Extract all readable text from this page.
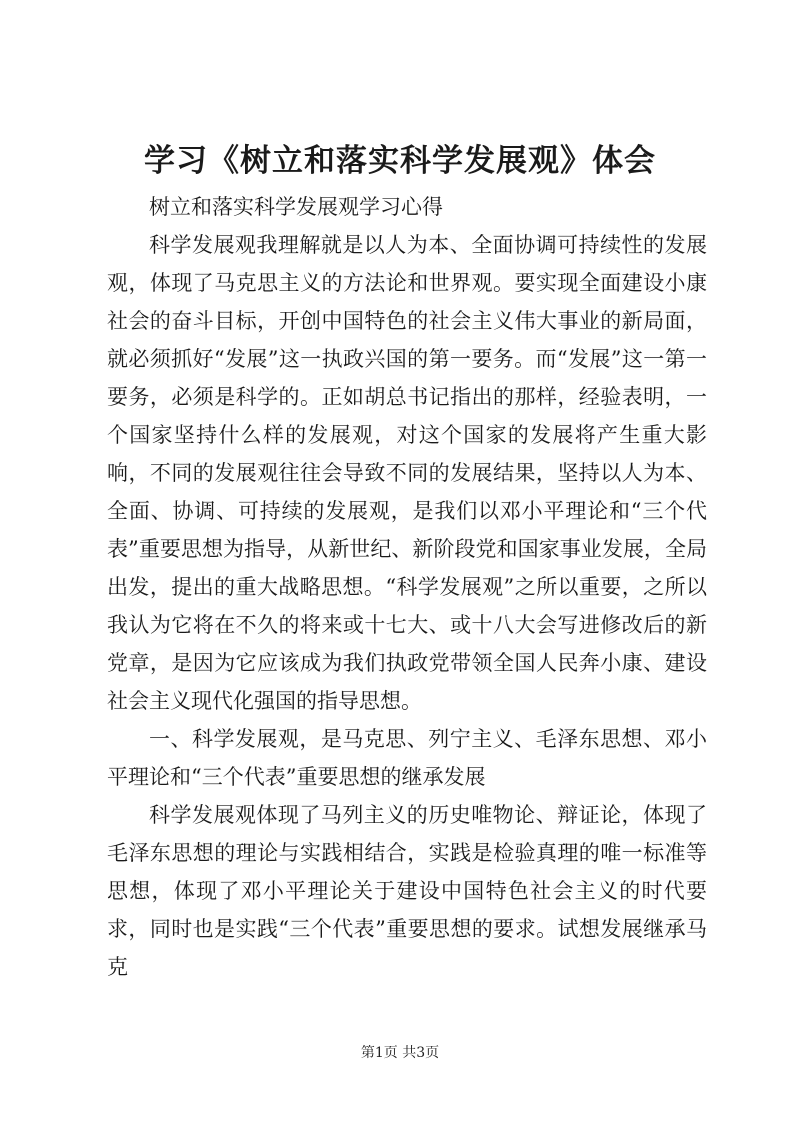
学习《树立和落实科学发展观》体会

树立和落实科学发展观学习心得

科学发展观我理解就是以人为本、全面协调可持续性的发展观，体现了马克思主义的方法论和世界观。要实现全面建设小康社会的奋斗目标，开创中国特色的社会主义伟大事业的新局面，就必须抓好“发展”这一执政兴国的第一要务。而“发展”这一第一要务，必须是科学的。正如胡总书记指出的那样，经验表明，一个国家坚持什么样的发展观，对这个国家的发展将产生重大影响，不同的发展观往往会导致不同的发展结果，坚持以人为本、全面、协调、可持续的发展观，是我们以邓小平理论和“三个代表”重要思想为指导，从新世纪、新阶段党和国家事业发展，全局出发，提出的重大战略思想。“科学发展观”之所以重要，之所以我认为它将在不久的将来或十七大、或十八大会写进修改后的新党章，是因为它应该成为我们执政党带领全国人民奔小康、建设社会主义现代化强国的指导思想。

一、科学发展观，是马克思、列宁主义、毛泽东思想、邓小平理论和“三个代表”重要思想的继承发展

科学发展观体现了马列主义的历史唯物论、辩证论，体现了毛泽东思想的理论与实践相结合，实践是检验真理的唯一标准等思想，体现了邓小平理论关于建设中国特色社会主义的时代要求，同时也是实践“三个代表”重要思想的要求。试想发展继承马克

第1页 共3页
